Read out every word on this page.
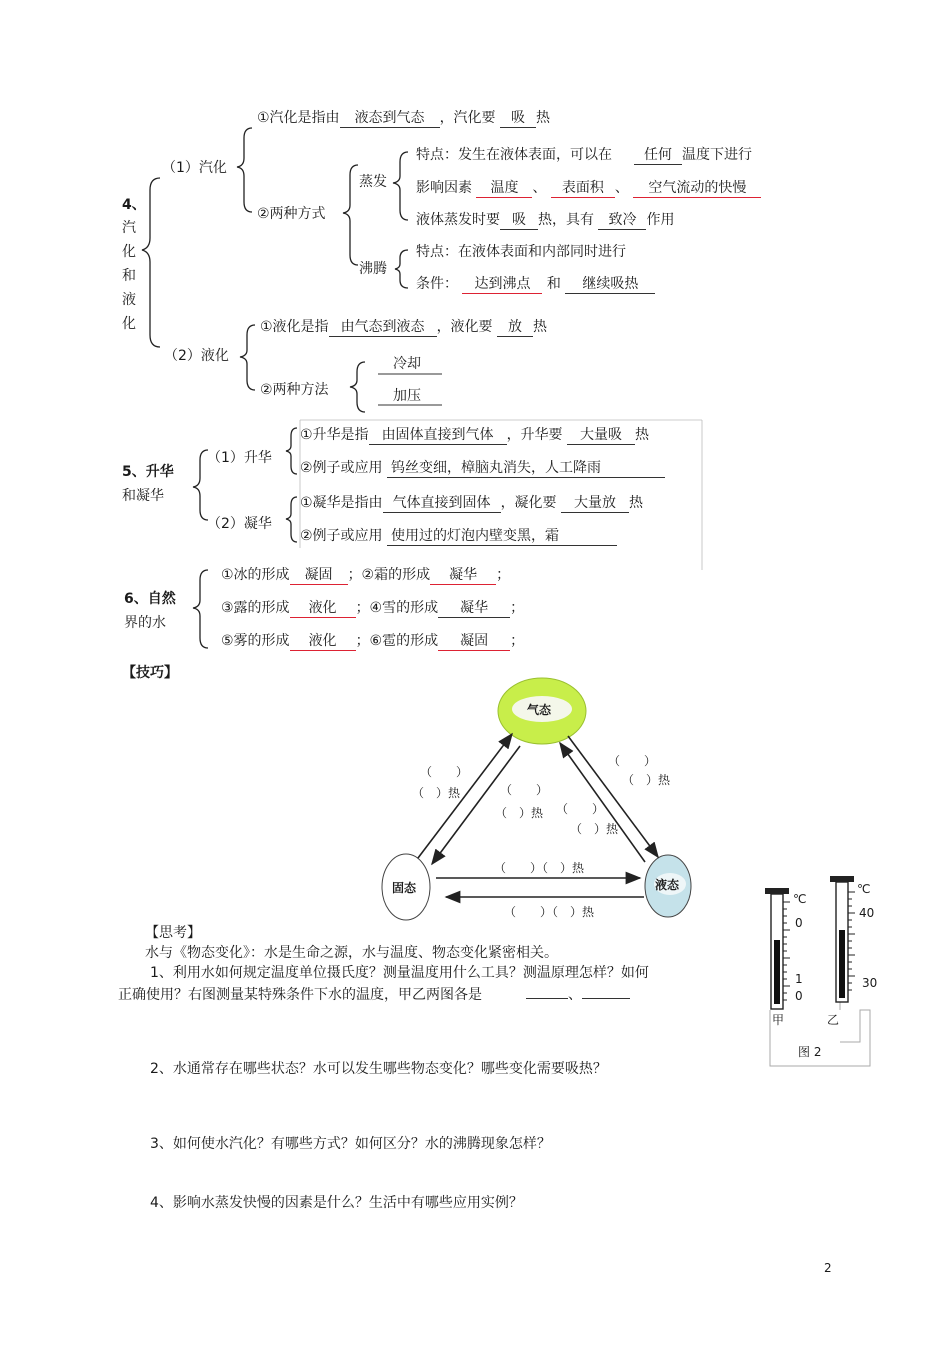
4、
汽
化
和
液
化
（1）汽化
①汽化是指由 液态到气态 ，汽化要 吸 热
②两种方式
蒸发
沸腾
特点：发生在液体表面，可以在 任何 温度下进行
影响因素 温度 、 表面积 、 空气流动的快慢
液体蒸发时要 吸 热，具有 致冷 作用
特点：在液体表面和内部同时进行
条件： 达到沸点 和 继续吸热
（2）液化
①液化是指 由气态到液态 ，液化要 放 热
②两种方法
冷却
加压
5、升华
和凝华
（1）升华
（2）凝华
①升华是指 由固体直接到气体 ，升华要 大量吸 热
②例子或应用 钨丝变细，樟脑丸消失，人工降雨
①凝华是指由 气体直接到固体 ，凝化要 大量放 热
②例子或应用 使用过的灯泡内壁变黑，霜
6、自然
界的水
①冰的形成 凝固 ；②霜的形成 凝华 ；
③露的形成 液化 ；④雪的形成 凝华 ；
⑤雾的形成 液化 ；⑥雹的形成 凝固 ；
【技巧】
气态
固态	液态
（　　）
（　）热	（　　）
（　）热 （　　）
（　）热
（　　）
（　）热
（　　）（　）热
（　　）（　）热
【思考】
水与《物态变化》：水是生命之源，水与温度、物态变化紧密相关。
1、利用水如何规定温度单位摄氏度？测量温度用什么工具？测温原理怎样？如何
正确使用？右图测量某特殊条件下水的温度，甲乙两图各是	、
2、水通常存在哪些状态？水可以发生哪些物态变化？哪些变化需要吸热？
3、如何使水汽化？有哪些方式？如何区分？水的沸腾现象怎样？
4、影响水蒸发快慢的因素是什么？生活中有哪些应用实例？
℃
0
1
0
℃
40
30
甲	乙
图 2
2
